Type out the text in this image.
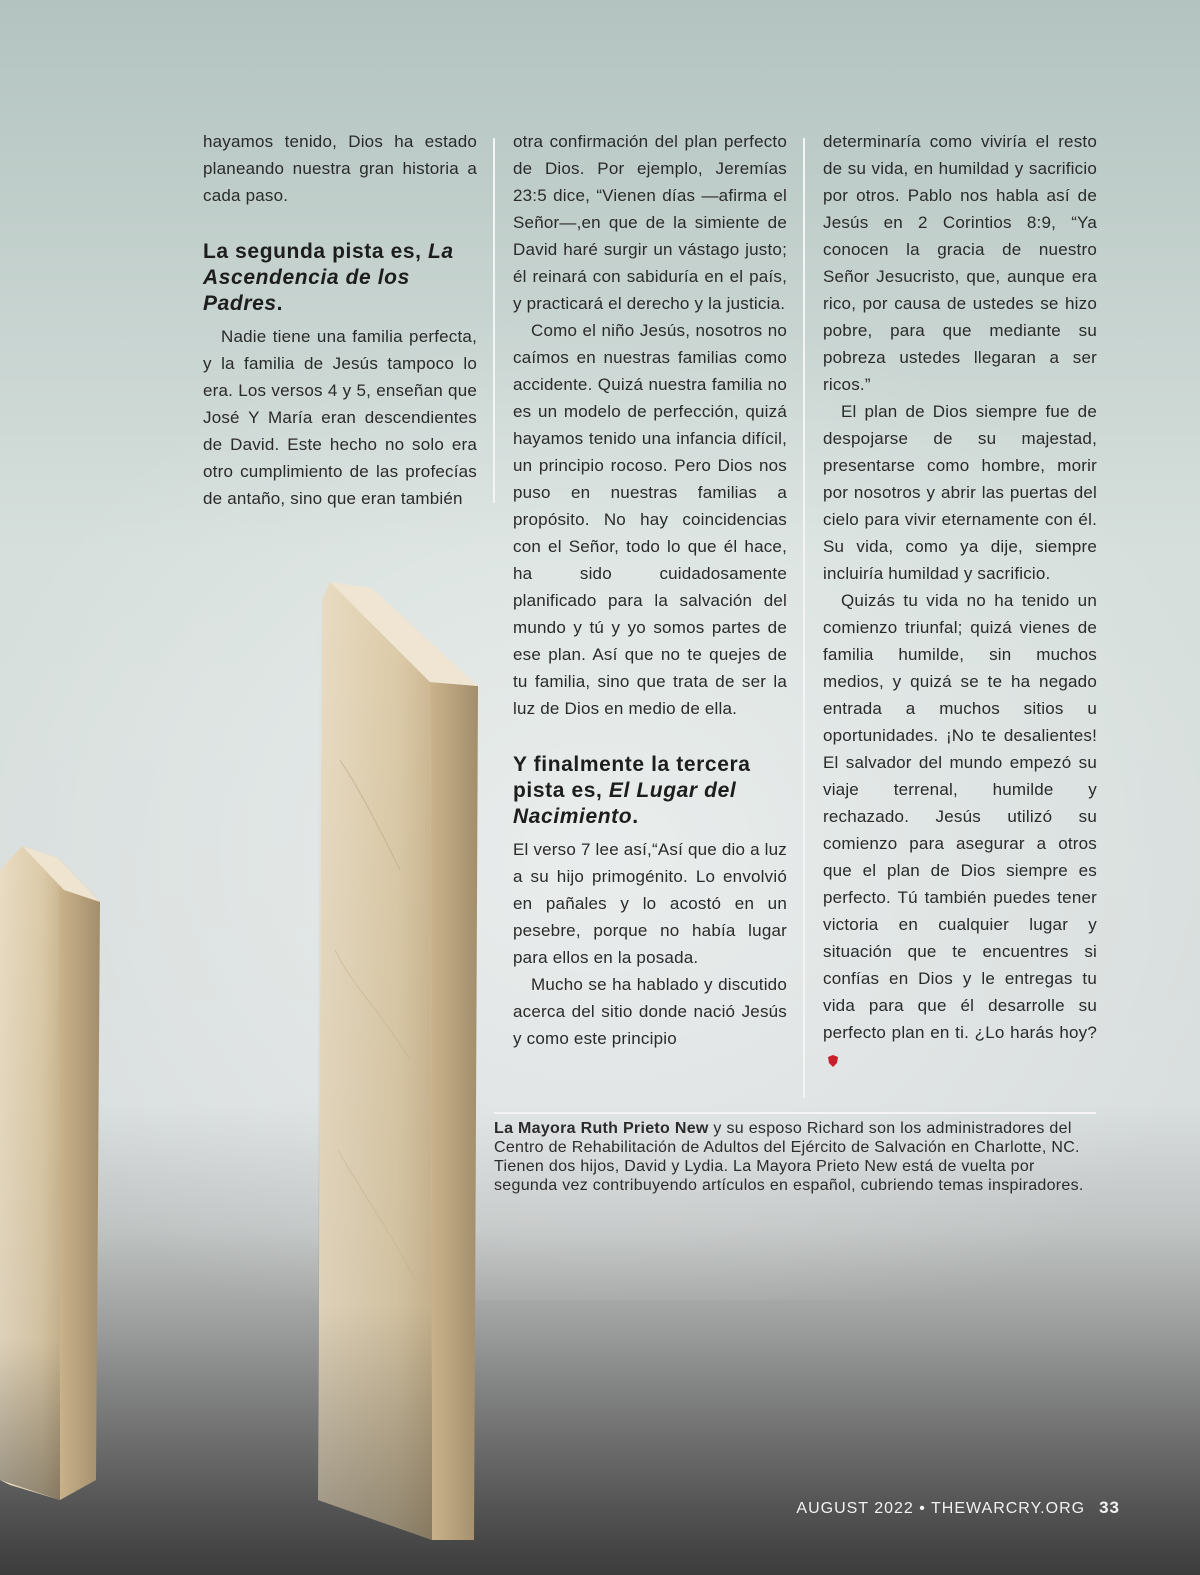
hayamos tenido, Dios ha estado planeando nuestra gran historia a cada paso.

La segunda pista es, La Ascendencia de los Padres.

Nadie tiene una familia perfecta, y la familia de Jesús tampoco lo era. Los versos 4 y 5, enseñan que José Y María eran descendientes de David. Este hecho no solo era otro cumplimiento de las profecías de antaño, sino que eran también

otra confirmación del plan perfecto de Dios. Por ejemplo, Jeremías 23:5 dice, “Vienen días —afirma el Señor—,en que de la simiente de David haré surgir un vástago justo; él reinará con sabiduría en el país, y practicará el derecho y la justicia.

Como el niño Jesús, nosotros no caímos en nuestras familias como accidente. Quizá nuestra familia no es un modelo de perfección, quizá hayamos tenido una infancia difícil, un principio rocoso. Pero Dios nos puso en nuestras familias a propósito. No hay coincidencias con el Señor, todo lo que él hace, ha sido cuidadosamente planificado para la salvación del mundo y tú y yo somos partes de ese plan. Así que no te quejes de tu familia, sino que trata de ser la luz de Dios en medio de ella.

Y finalmente la tercera pista es, El Lugar del Nacimiento.

El verso 7 lee así,“Así que dio a luz a su hijo primogénito. Lo envolvió en pañales y lo acostó en un pesebre, porque no había lugar para ellos en la posada.

Mucho se ha hablado y discutido acerca del sitio donde nació Jesús y como este principio

determinaría como viviría el resto de su vida, en humildad y sacrificio por otros. Pablo nos habla así de Jesús en 2 Corintios 8:9, “Ya conocen la gracia de nuestro Señor Jesucristo, que, aunque era rico, por causa de ustedes se hizo pobre, para que mediante su pobreza ustedes llegaran a ser ricos.”

El plan de Dios siempre fue de despojarse de su majestad, presentarse como hombre, morir por nosotros y abrir las puertas del cielo para vivir eternamente con él. Su vida, como ya dije, siempre incluiría humildad y sacrificio.

Quizás tu vida no ha tenido un comienzo triunfal; quizá vienes de familia humilde, sin muchos medios, y quizá se te ha negado entrada a muchos sitios u oportunidades. ¡No te desalientes! El salvador del mundo empezó su viaje terrenal, humilde y rechazado. Jesús utilizó su comienzo para asegurar a otros que el plan de Dios siempre es perfecto. Tú también puedes tener victoria en cualquier lugar y situación que te encuentres si confías en Dios y le entregas tu vida para que él desarrolle su perfecto plan en ti. ¿Lo harás hoy?

La Mayora Ruth Prieto New y su esposo Richard son los administradores del Centro de Rehabilitación de Adultos del Ejército de Salvación en Charlotte, NC. Tienen dos hijos, David y Lydia. La Mayora Prieto New está de vuelta por segunda vez contribuyendo artículos en español, cubriendo temas inspiradores.
AUGUST 2022 • THEWARCRY.ORG 33
